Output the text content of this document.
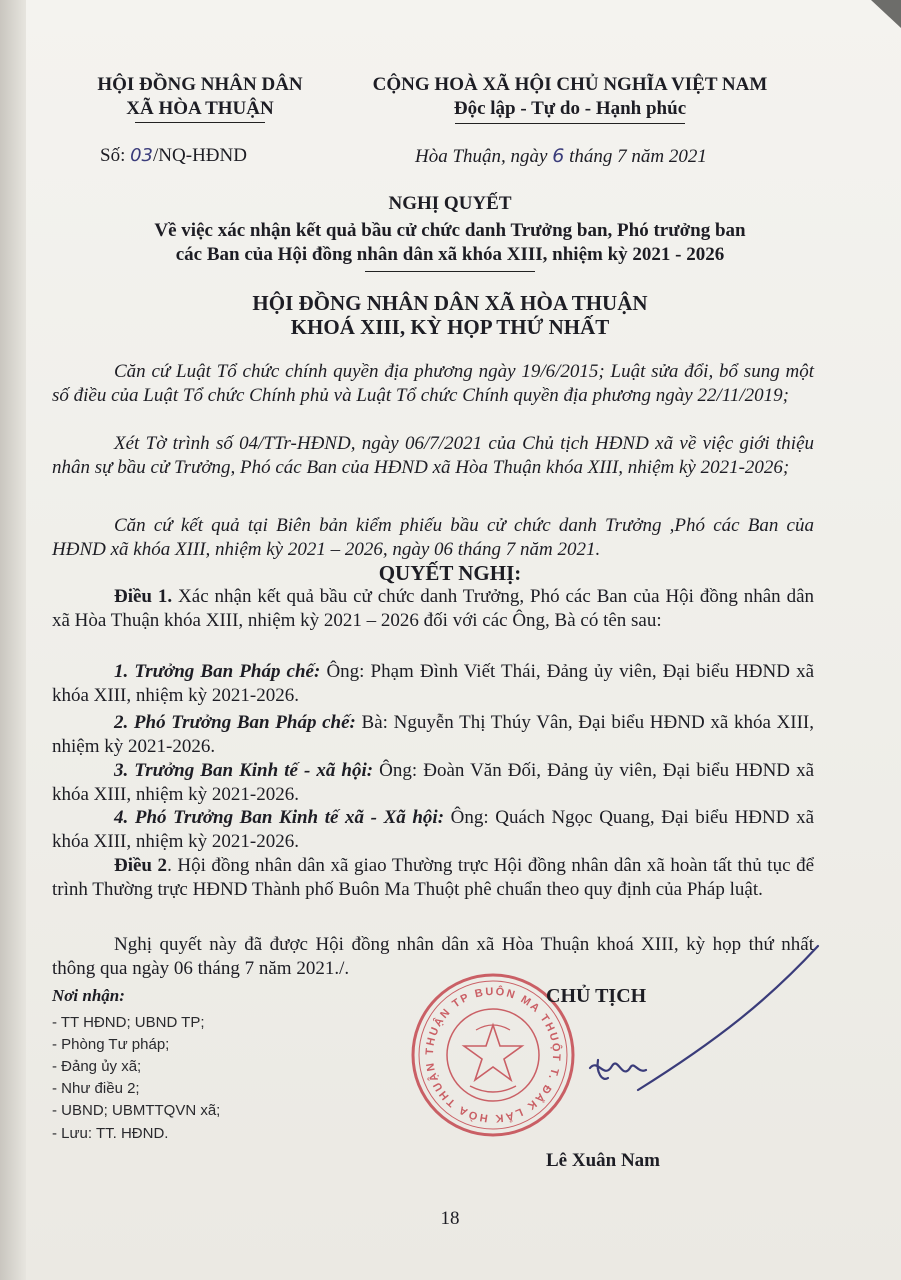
HỘI ĐỒNG NHÂN DÂN
XÃ HÒA THUẬN
CỘNG HOÀ XÃ HỘI CHỦ NGHĨA VIỆT NAM
Độc lập - Tự do - Hạnh phúc
Số: 03/NQ-HĐND	Hòa Thuận, ngày 6 tháng 7 năm 2021
NGHỊ QUYẾT
Về việc xác nhận kết quả bầu cử chức danh Trưởng ban, Phó trưởng ban
các Ban của Hội đồng nhân dân xã khóa XIII, nhiệm kỳ 2021 - 2026
HỘI ĐỒNG NHÂN DÂN XÃ HÒA THUẬN
KHOÁ XIII, KỲ HỌP THỨ NHẤT
Căn cứ Luật Tổ chức chính quyền địa phương ngày 19/6/2015; Luật sửa đổi, bổ sung một số điều của Luật Tổ chức Chính phủ và Luật Tổ chức Chính quyền địa phương ngày 22/11/2019;
Xét Tờ trình số 04/TTr-HĐND, ngày 06/7/2021 của Chủ tịch HĐND xã về việc giới thiệu nhân sự bầu cử Trưởng, Phó các Ban của HĐND xã Hòa Thuận khóa XIII, nhiệm kỳ 2021-2026;
Căn cứ kết quả tại Biên bản kiểm phiếu bầu cử chức danh Trưởng ,Phó các Ban của HĐND xã khóa XIII, nhiệm kỳ 2021 – 2026, ngày 06 tháng 7 năm 2021.
QUYẾT NGHỊ:
Điều 1. Xác nhận kết quả bầu cử chức danh Trưởng, Phó các Ban của Hội đồng nhân dân xã Hòa Thuận khóa XIII, nhiệm kỳ 2021 – 2026 đối với các Ông, Bà có tên sau:
1. Trưởng Ban Pháp chế: Ông: Phạm Đình Viết Thái, Đảng ủy viên, Đại biểu HĐND xã khóa XIII, nhiệm kỳ 2021-2026.
2. Phó Trưởng Ban Pháp chế: Bà: Nguyễn Thị Thúy Vân, Đại biểu HĐND xã khóa XIII, nhiệm kỳ 2021-2026.
3. Trưởng Ban Kinh tế - xã hội: Ông: Đoàn Văn Đối, Đảng ủy viên, Đại biểu HĐND xã khóa XIII, nhiệm kỳ 2021-2026.
4. Phó Trưởng Ban Kinh tế xã - Xã hội: Ông: Quách Ngọc Quang, Đại biểu HĐND xã khóa XIII, nhiệm kỳ 2021-2026.
Điều 2. Hội đồng nhân dân xã giao Thường trực Hội đồng nhân dân xã hoàn tất thủ tục để trình Thường trực HĐND Thành phố Buôn Ma Thuột phê chuẩn theo quy định của Pháp luật.
Nghị quyết này đã được Hội đồng nhân dân xã Hòa Thuận khoá XIII, kỳ họp thứ nhất thông qua ngày 06 tháng 7 năm 2021./.
Nơi nhận:
- TT HĐND; UBND TP;
- Phòng Tư pháp;
- Đảng ủy xã;
- Như điều 2;
- UBND; UBMTTQVN xã;
- Lưu: TT. HĐND.
THUẬN TP BUÔN MA THUỘT T. ĐẮK LẮK HÒA THUẬN
CHỦ TỊCH
Lê Xuân Nam
18
